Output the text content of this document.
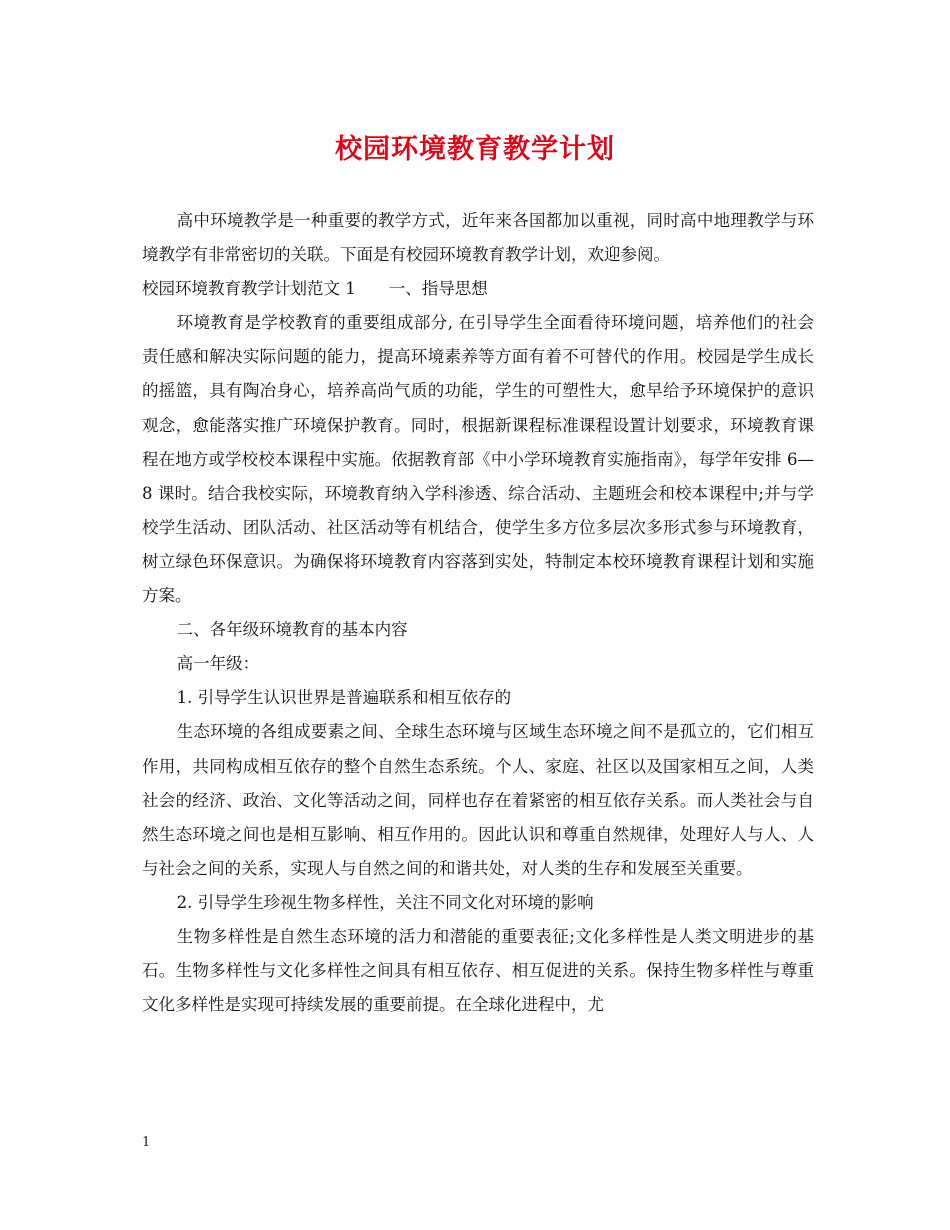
校园环境教育教学计划

高中环境教学是一种重要的教学方式，近年来各国都加以重视，同时高中地理教学与环境教学有非常密切的关联。下面是有校园环境教育教学计划，欢迎参阅。

校园环境教育教学计划范文 1　　一、指导思想

环境教育是学校教育的重要组成部分, 在引导学生全面看待环境问题，培养他们的社会责任感和解决实际问题的能力，提高环境素养等方面有着不可替代的作用。校园是学生成长的摇篮，具有陶冶身心，培养高尚气质的功能，学生的可塑性大，愈早给予环境保护的意识观念，愈能落实推广环境保护教育。同时，根据新课程标准课程设置计划要求，环境教育课程在地方或学校校本课程中实施。依据教育部《中小学环境教育实施指南》，每学年安排 6—8 课时。结合我校实际，环境教育纳入学科渗透、综合活动、主题班会和校本课程中;并与学校学生活动、团队活动、社区活动等有机结合，使学生多方位多层次多形式参与环境教育，树立绿色环保意识。为确保将环境教育内容落到实处，特制定本校环境教育课程计划和实施方案。

二、各年级环境教育的基本内容

高一年级：

1. 引导学生认识世界是普遍联系和相互依存的

生态环境的各组成要素之间、全球生态环境与区域生态环境之间不是孤立的，它们相互作用，共同构成相互依存的整个自然生态系统。个人、家庭、社区以及国家相互之间，人类社会的经济、政治、文化等活动之间，同样也存在着紧密的相互依存关系。而人类社会与自然生态环境之间也是相互影响、相互作用的。因此认识和尊重自然规律，处理好人与人、人与社会之间的关系，实现人与自然之间的和谐共处，对人类的生存和发展至关重要。

2. 引导学生珍视生物多样性，关注不同文化对环境的影响

生物多样性是自然生态环境的活力和潜能的重要表征;文化多样性是人类文明进步的基石。生物多样性与文化多样性之间具有相互依存、相互促进的关系。保持生物多样性与尊重文化多样性是实现可持续发展的重要前提。在全球化进程中，尤

1
